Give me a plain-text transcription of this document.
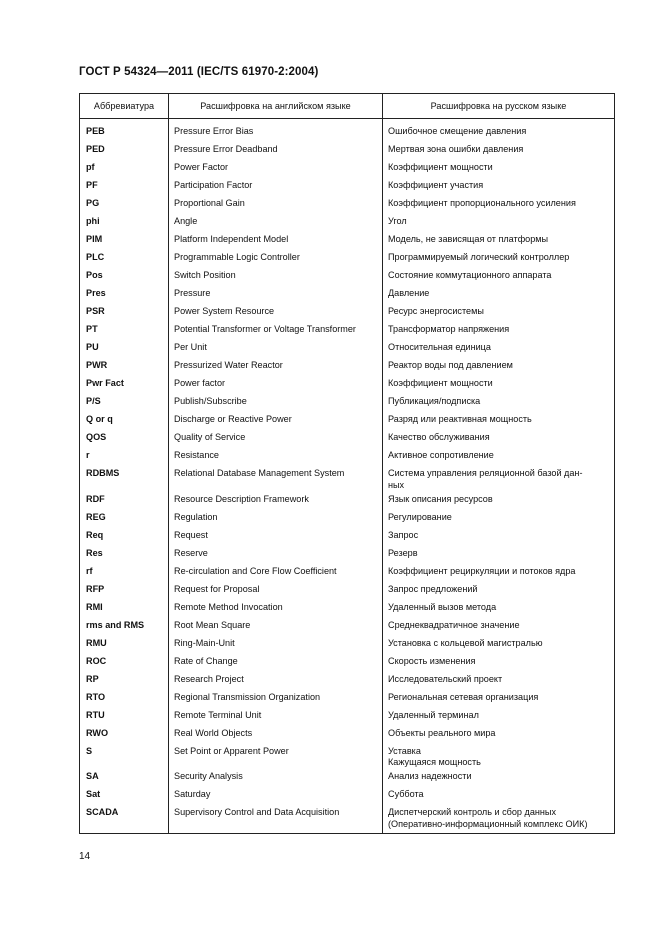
ГОСТ Р 54324—2011 (IEC/TS 61970-2:2004)
Аббревиатура	Расшифровка на английском языке	Расшифровка на русском языке
PEB	Pressure Error Bias	Ошибочное смещение давления

PED	Pressure Error Deadband	Мертвая зона ошибки давления

pf	Power Factor	Коэффициент мощности

PF	Participation Factor	Коэффициент участия

PG	Proportional Gain	Коэффициент пропорционального усиления

phi	Angle	Угол

PIM	Platform Independent Model	Модель, не зависящая от платформы

PLC	Programmable Logic Controller	Программируемый логический контроллер

Pos	Switch Position	Состояние коммутационного аппарата

Pres	Pressure	Давление

PSR	Power System Resource	Ресурс энергосистемы

PT	Potential Transformer or Voltage Transformer	Трансформатор напряжения

PU	Per Unit	Относительная единица

PWR	Pressurized Water Reactor	Реактор воды под давлением

Pwr Fact	Power factor	Коэффициент мощности

P/S	Publish/Subscribe	Публикация/подписка

Q or q	Discharge or Reactive Power	Разряд или реактивная мощность

QOS	Quality of Service	Качество обслуживания

r	Resistance	Активное сопротивление

RDBMS	Relational Database Management System	Система управления реляционной базой дан-
ных

RDF	Resource Description Framework	Язык описания ресурсов

REG	Regulation	Регулирование

Req	Request	Запрос

Res	Reserve	Резерв

rf	Re-circulation and Core Flow Coefficient	Коэффициент рециркуляции и потоков ядра

RFP	Request for Proposal	Запрос предложений

RMI	Remote Method Invocation	Удаленный вызов метода

rms and RMS	Root Mean Square	Среднеквадратичное значение

RMU	Ring-Main-Unit	Установка с кольцевой магистралью

ROC	Rate of Change	Скорость изменения

RP	Research Project	Исследовательский проект

RTO	Regional Transmission Organization	Региональная сетевая организация

RTU	Remote Terminal Unit	Удаленный терминал

RWO	Real World Objects	Объекты реального мира

S	Set Point or Apparent Power	Уставка
Кажущаяся мощность

SA	Security Analysis	Анализ надежности

Sat	Saturday	Суббота

SCADA	Supervisory Control and Data Acquisition	Диспетчерский контроль и сбор данных
(Оперативно-информационный комплекс ОИК)
14
